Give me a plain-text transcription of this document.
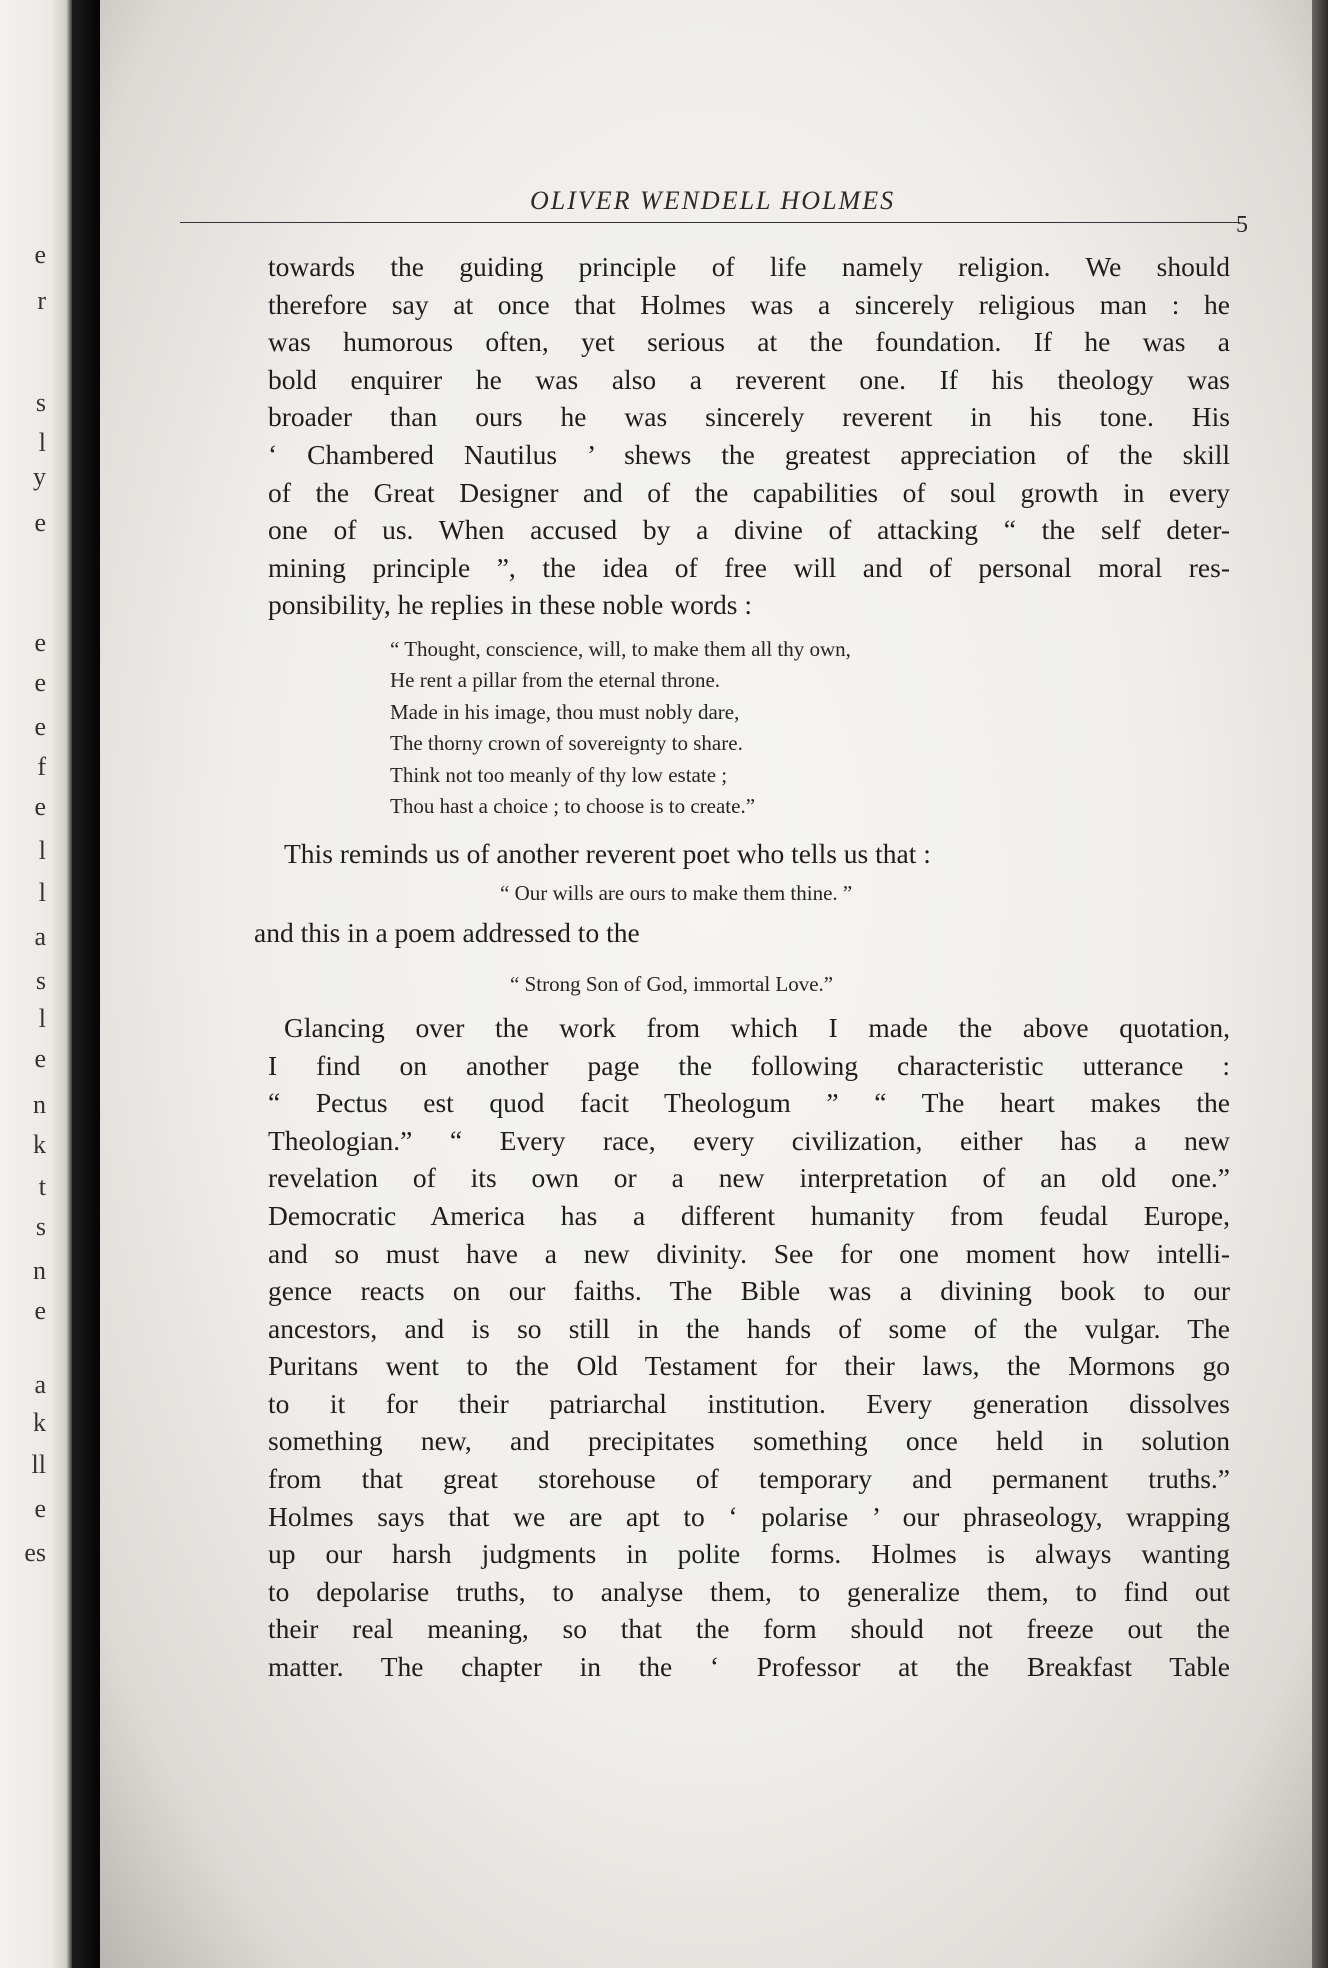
e
r
s
l
y
e
e
e
e
f
e
l
l
a
s
l
e
n
k
t
s
n
e
a
k
ll
e
es
OLIVER WENDELL HOLMES
5

towards the guiding principle of life namely religion. We should
therefore say at once that Holmes was a sincerely religious man : he
was humorous often, yet serious at the foundation. If he was a
bold enquirer he was also a reverent one. If his theology was
broader than ours he was sincerely reverent in his tone. His
‘ Chambered Nautilus ’ shews the greatest appreciation of the skill
of the Great Designer and of the capabilities of soul growth in every
one of us. When accused by a divine of attacking “ the self deter-
mining principle ”, the idea of free will and of personal moral res-
ponsibility, he replies in these noble words :

“ Thought, conscience, will, to make them all thy own,
He rent a pillar from the eternal throne.
Made in his image, thou must nobly dare,
The thorny crown of sovereignty to share.
Think not too meanly of thy low estate ;
Thou hast a choice ; to choose is to create.”
This reminds us of another reverent poet who tells us that :
“ Our wills are ours to make them thine. ”
and this in a poem addressed to the
“ Strong Son of God, immortal Love.”

Glancing over the work from which I made the above quotation,
I find on another page the following characteristic utterance :
“ Pectus est quod facit Theologum ” “ The heart makes the
Theologian.” “ Every race, every civilization, either has a new
revelation of its own or a new interpretation of an old one.”
Democratic America has a different humanity from feudal Europe,
and so must have a new divinity. See for one moment how intelli-
gence reacts on our faiths. The Bible was a divining book to our
ancestors, and is so still in the hands of some of the vulgar. The
Puritans went to the Old Testament for their laws, the Mormons go
to it for their patriarchal institution. Every generation dissolves
something new, and precipitates something once held in solution
from that great storehouse of temporary and permanent truths.”
Holmes says that we are apt to ‘ polarise ’ our phraseology, wrapping
up our harsh judgments in polite forms. Holmes is always wanting
to depolarise truths, to analyse them, to generalize them, to find out
their real meaning, so that the form should not freeze out the
matter. The chapter in the ‘ Professor at the Breakfast Table
